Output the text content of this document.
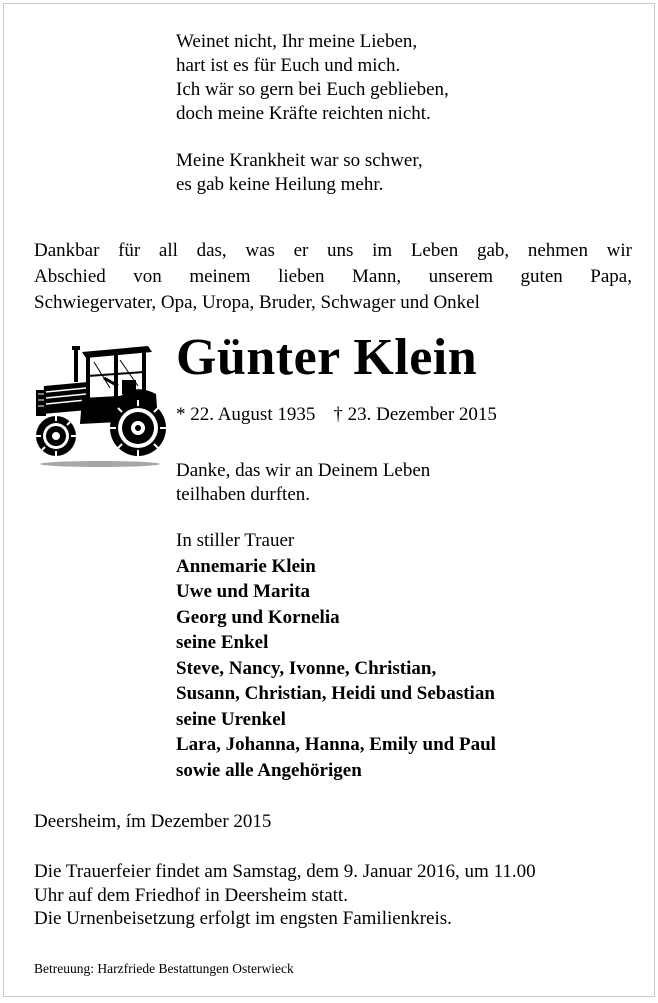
Weinet nicht, Ihr meine Lieben,
hart ist es für Euch und mich.
Ich wär so gern bei Euch geblieben,
doch meine Kräfte reichten nicht.
Meine Krankheit war so schwer,
es gab keine Heilung mehr.
Dankbar für all das, was er uns im Leben gab, nehmen wir
Abschied von meinem lieben Mann, unserem guten Papa,
Schwiegervater, Opa, Uropa, Bruder, Schwager und Onkel
Günter Klein
* 22. August 1935 † 23. Dezember 2015
Danke, das wir an Deinem Leben
teilhaben durften.
In stiller Trauer
Annemarie Klein
Uwe und Marita
Georg und Kornelia
seine Enkel
Steve, Nancy, Ivonne, Christian,
Susann, Christian, Heidi und Sebastian
seine Urenkel
Lara, Johanna, Hanna, Emily und Paul
sowie alle Angehörigen
Deersheim, ím Dezember 2015
Die Trauerfeier findet am Samstag, dem 9. Januar 2016, um 11.00
Uhr auf dem Friedhof in Deersheim statt.
Die Urnenbeisetzung erfolgt im engsten Familienkreis.
Betreuung: Harzfriede Bestattungen Osterwieck
